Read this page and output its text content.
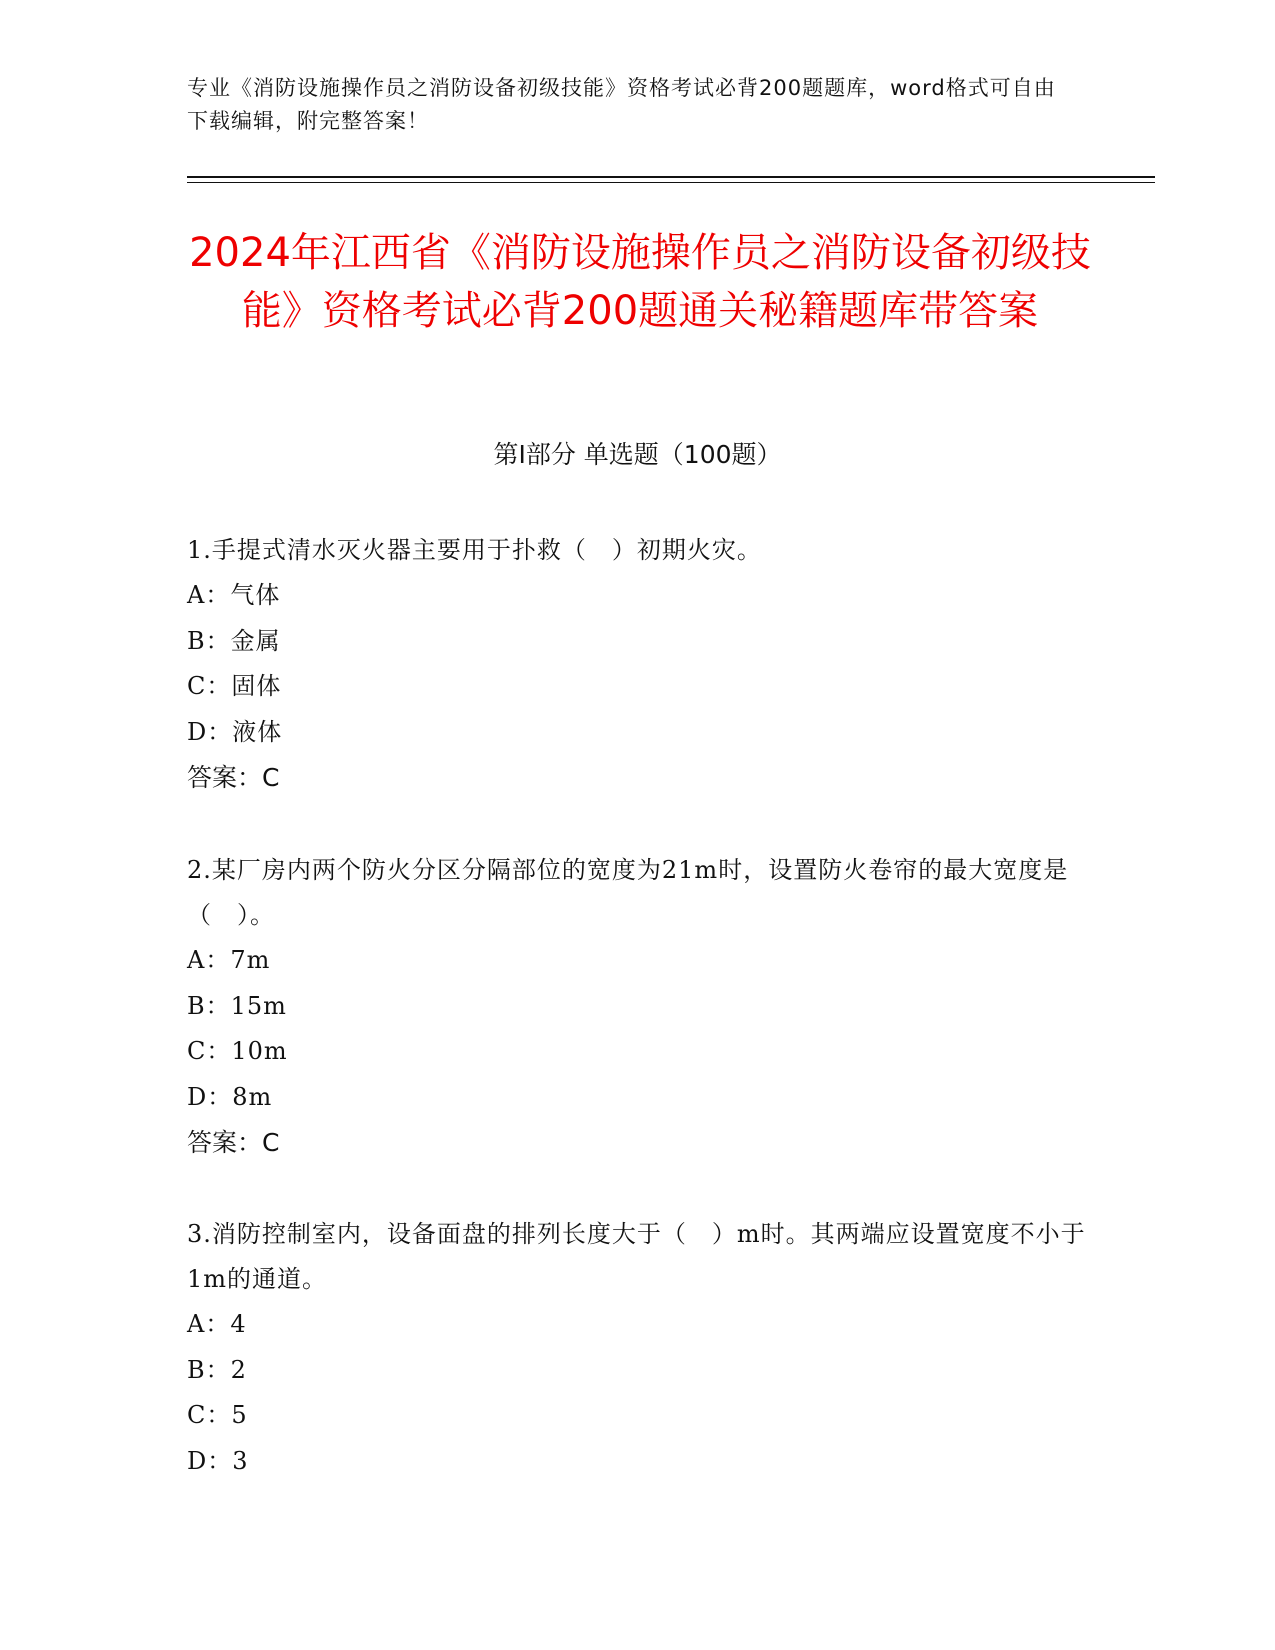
专业《消防设施操作员之消防设备初级技能》资格考试必背200题题库，word格式可自由下载编辑，附完整答案！
2024年江西省《消防设施操作员之消防设备初级技能》资格考试必背200题通关秘籍题库带答案
第Ⅰ部分 单选题（100题）
1.手提式清水灭火器主要用于扑救（　）初期火灾。
A：气体
B：金属
C：固体
D：液体
答案：C
2.某厂房内两个防火分区分隔部位的宽度为21m时，设置防火卷帘的最大宽度是（　）。
A：7m
B：15m
C：10m
D：8m
答案：C
3.消防控制室内，设备面盘的排列长度大于（　）m时。其两端应设置宽度不小于1m的通道。
A：4
B：2
C：5
D：3
